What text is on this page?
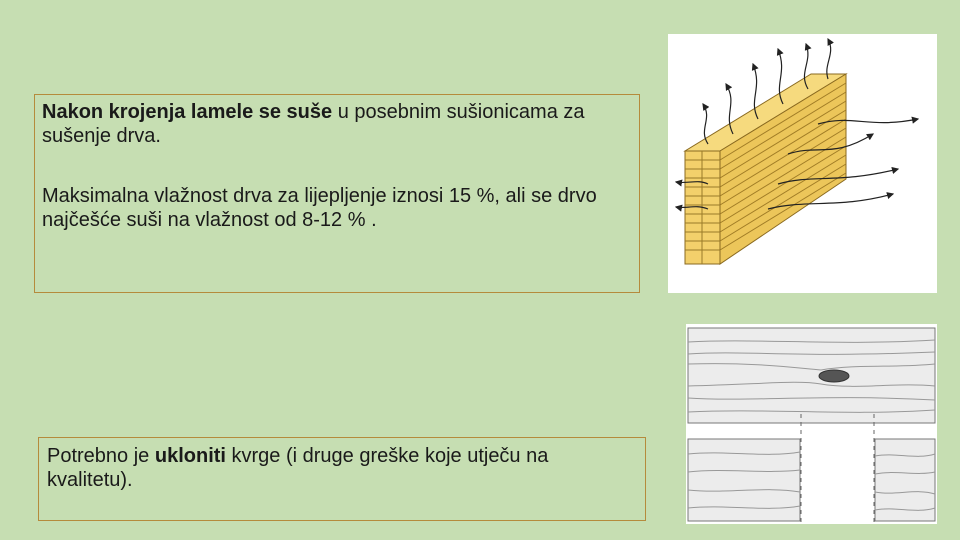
Nakon krojenja lamele se suše u posebnim sušionicama za sušenje drva.

Maksimalna vlažnost drva za lijepljenje iznosi 15 %, ali se drvo najčešće suši na vlažnost od 8-12 % .

Potrebno je ukloniti kvrge (i druge greške koje utječu na kvalitetu).
